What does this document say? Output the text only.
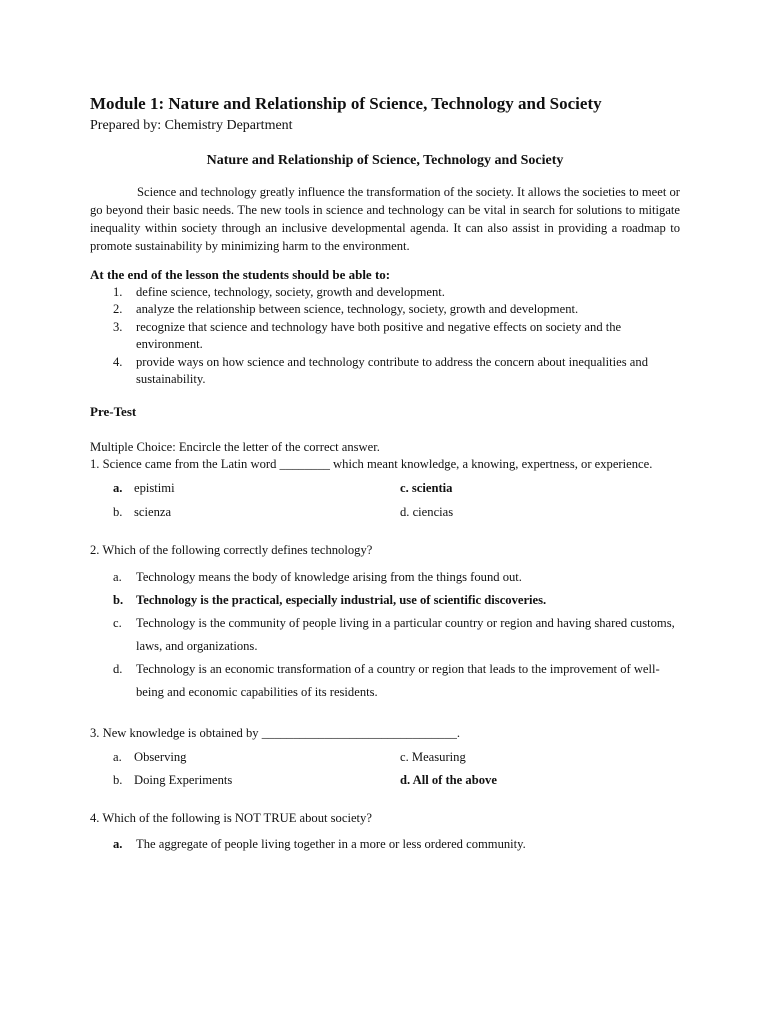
Module 1: Nature and Relationship of Science, Technology and Society

Prepared by: Chemistry Department

Nature and Relationship of Science, Technology and Society

Science and technology greatly influence the transformation of the society. It allows the societies to meet or go beyond their basic needs. The new tools in science and technology can be vital in search for solutions to mitigate inequality within society through an inclusive developmental agenda. It can also assist in providing a roadmap to promote sustainability by minimizing harm to the environment.

At the end of the lesson the students should be able to:

1. define science, technology, society, growth and development.
2. analyze the relationship between science, technology, society, growth and development.
3. recognize that science and technology have both positive and negative effects on society and the environment.
4. provide ways on how science and technology contribute to address the concern about inequalities and sustainability.

Pre-Test

Multiple Choice: Encircle the letter of the correct answer.

1. Science came from the Latin word ________ which meant knowledge, a knowing, expertness, or experience.

a. epistimi	c. scientia
b. scienza	d. ciencias

2. Which of the following correctly defines technology?

a. Technology means the body of knowledge arising from the things found out.
b. Technology is the practical, especially industrial, use of scientific discoveries.
c. Technology is the community of people living in a particular country or region and having shared customs, laws, and organizations.
d. Technology is an economic transformation of a country or region that leads to the improvement of well-being and economic capabilities of its residents.

3. New knowledge is obtained by _______________________________.

a. Observing	c. Measuring
b. Doing Experiments	d. All of the above

4. Which of the following is NOT TRUE about society?

a. The aggregate of people living together in a more or less ordered community.
